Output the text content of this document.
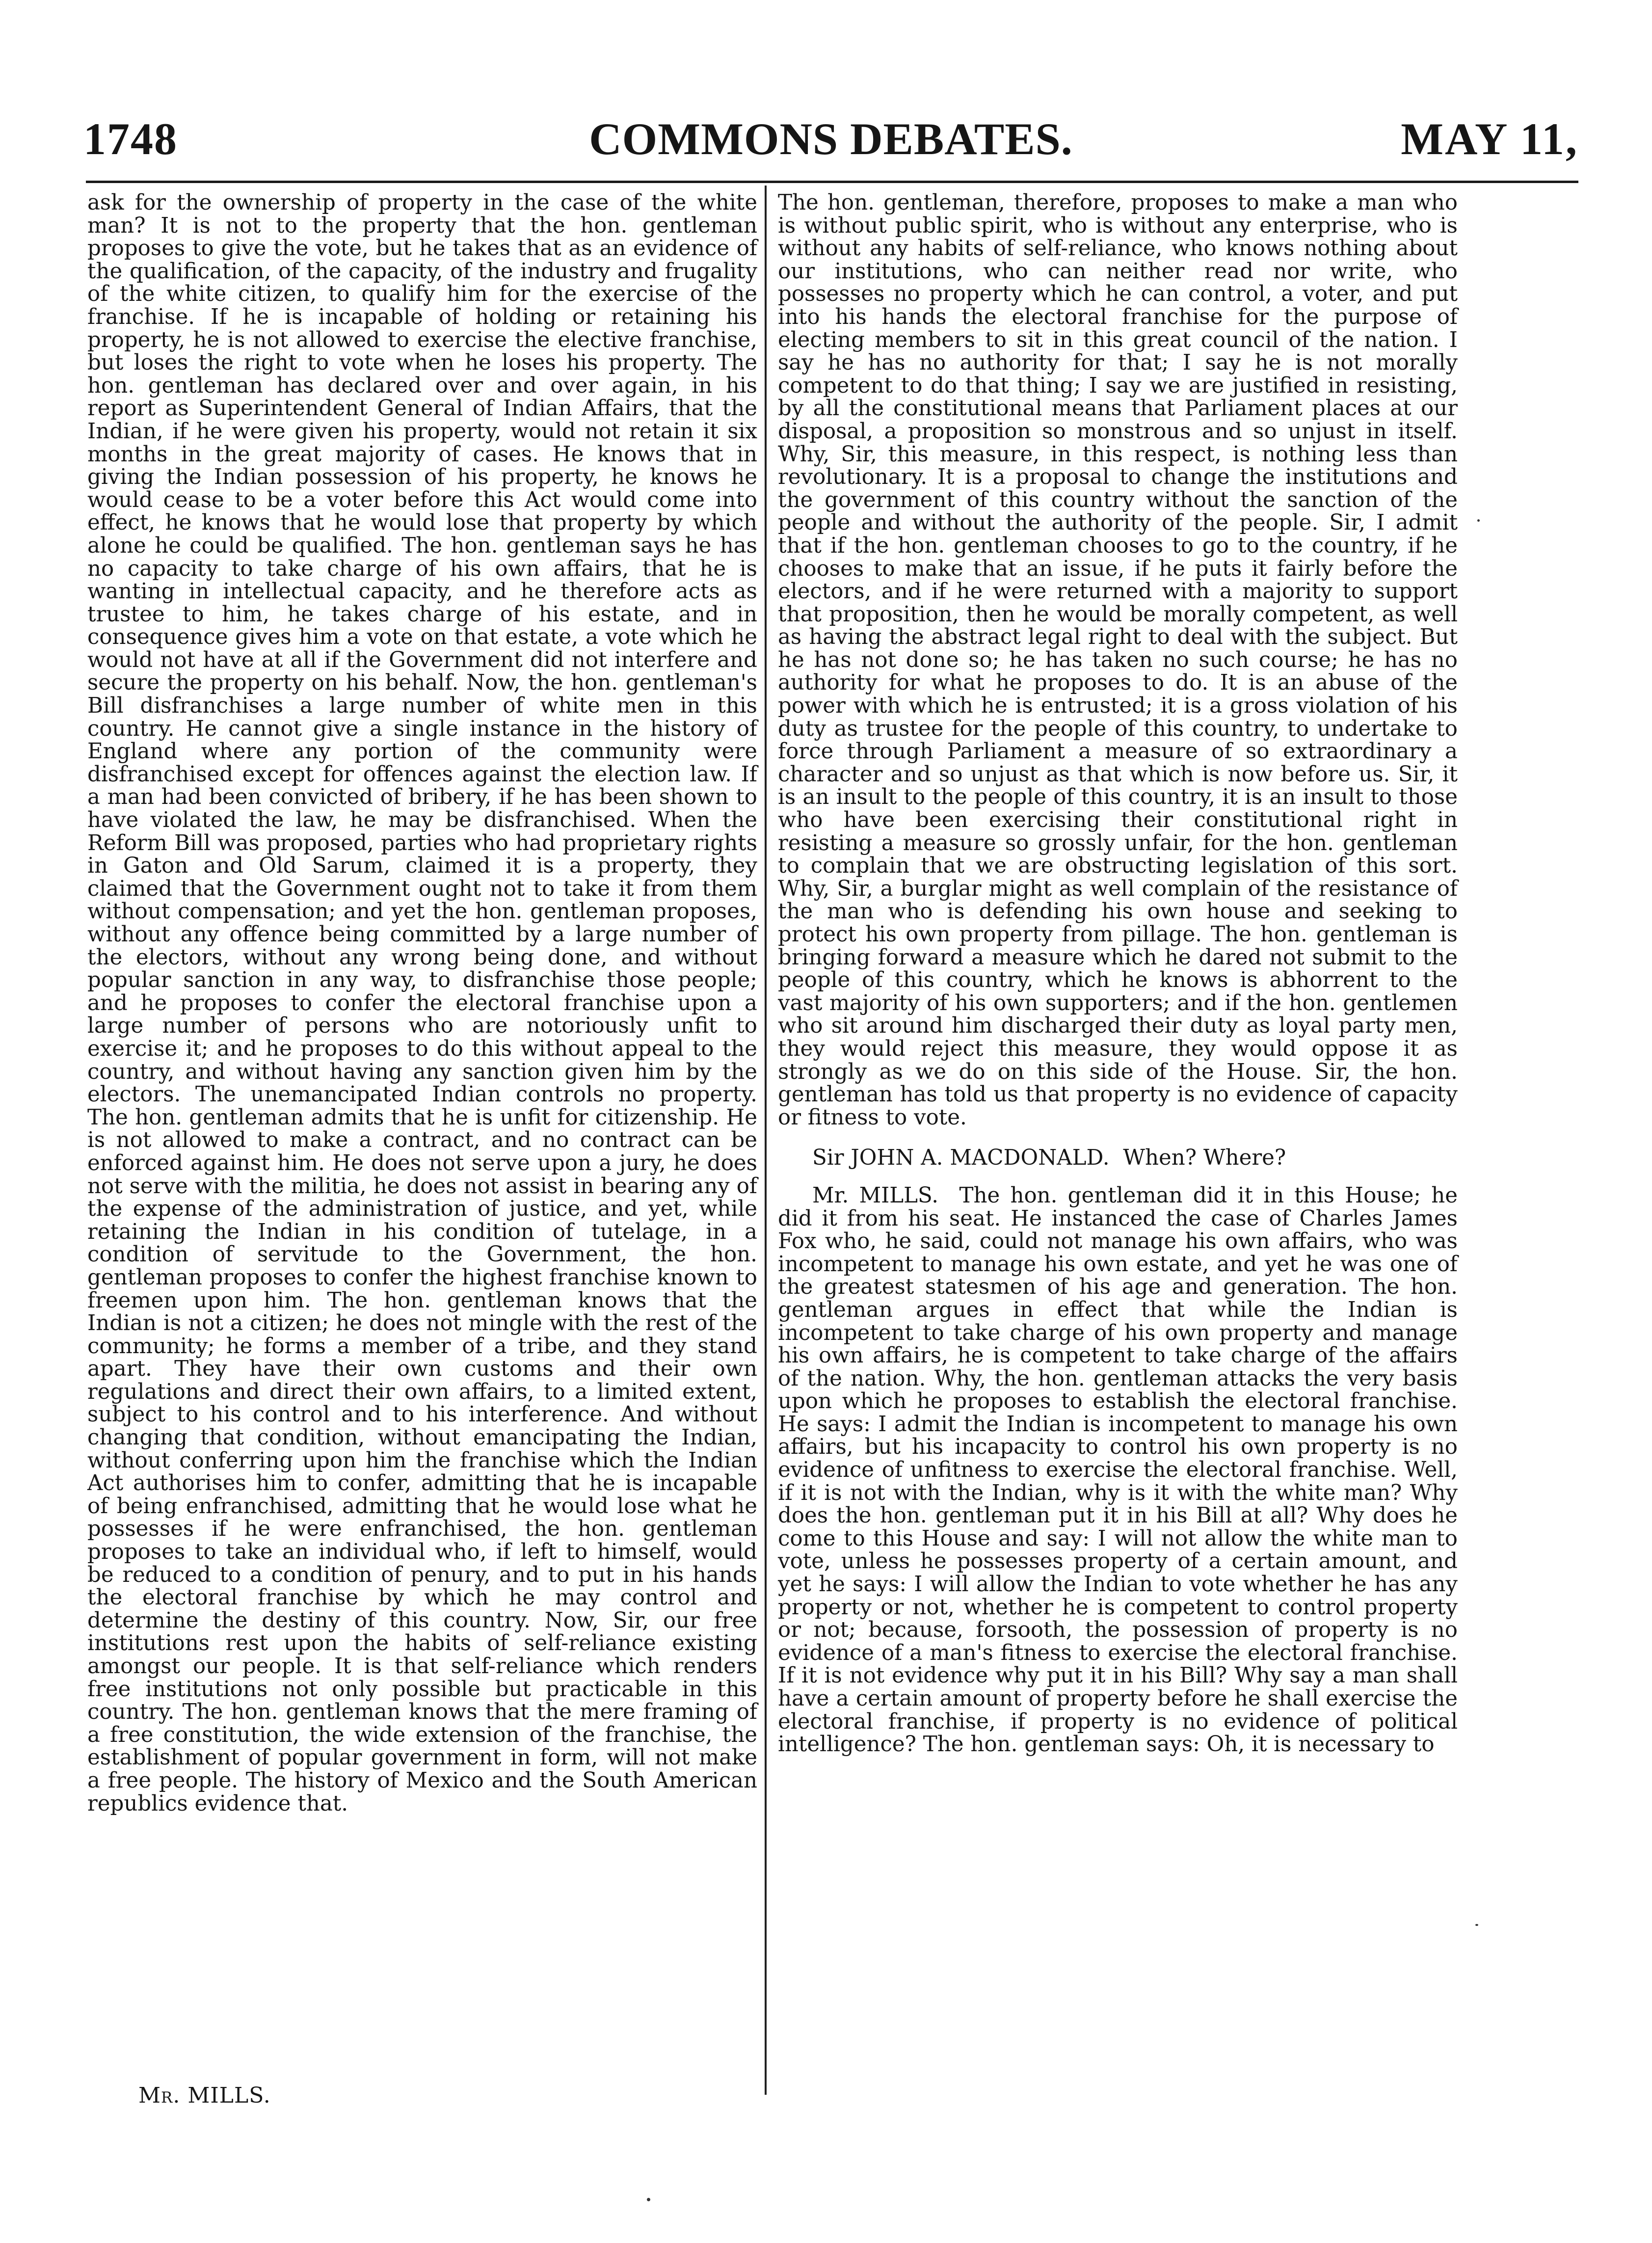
1748	COMMONS DEBATES.	MAY 11,

ask for the ownership of property in the case of the white man? It is not to the property that the hon. gentleman proposes to give the vote, but he takes that as an evidence of the qualification, of the capacity, of the industry and frugality of the white citizen, to qualify him for the exercise of the franchise. If he is incapable of holding or retaining his property, he is not allowed to exercise the elective franchise, but loses the right to vote when he loses his property. The hon. gentleman has declared over and over again, in his report as Superintendent General of Indian Affairs, that the Indian, if he were given his property, would not retain it six months in the great majority of cases. He knows that in giving the Indian possession of his property, he knows he would cease to be a voter before this Act would come into effect, he knows that he would lose that property by which alone he could be qualified. The hon. gentleman says he has no capacity to take charge of his own affairs, that he is wanting in intellectual capacity, and he therefore acts as trustee to him, he takes charge of his estate, and in consequence gives him a vote on that estate, a vote which he would not have at all if the Government did not interfere and secure the property on his behalf. Now, the hon. gentleman's Bill disfranchises a large number of white men in this country. He cannot give a single instance in the history of England where any portion of the community were disfranchised except for offences against the election law. If a man had been convicted of bribery, if he has been shown to have violated the law, he may be disfranchised. When the Reform Bill was proposed, parties who had proprietary rights in Gaton and Old Sarum, claimed it is a property, they claimed that the Government ought not to take it from them without compensation; and yet the hon. gentleman proposes, without any offence being committed by a large number of the electors, without any wrong being done, and without popular sanction in any way, to disfranchise those people; and he proposes to confer the electoral franchise upon a large number of persons who are notoriously unfit to exercise it; and he proposes to do this without appeal to the country, and without having any sanction given him by the electors. The unemancipated Indian controls no property. The hon. gentleman admits that he is unfit for citizenship. He is not allowed to make a contract, and no contract can be enforced against him. He does not serve upon a jury, he does not serve with the militia, he does not assist in bearing any of the expense of the administration of justice, and yet, while retaining the Indian in his condition of tutelage, in a condition of servitude to the Government, the hon. gentleman proposes to confer the highest franchise known to freemen upon him. The hon. gentleman knows that the Indian is not a citizen; he does not mingle with the rest of the community; he forms a member of a tribe, and they stand apart. They have their own customs and their own regulations and direct their own affairs, to a limited extent, subject to his control and to his interference. And without changing that condition, without emancipating the Indian, without conferring upon him the franchise which the Indian Act authorises him to confer, admitting that he is incapable of being enfranchised, admitting that he would lose what he possesses if he were enfranchised, the hon. gentleman proposes to take an individual who, if left to himself, would be reduced to a condition of penury, and to put in his hands the electoral franchise by which he may control and determine the destiny of this country. Now, Sir, our free institutions rest upon the habits of self-reliance existing amongst our people. It is that self-reliance which renders free institutions not only possible but practicable in this country. The hon. gentleman knows that the mere framing of a free constitution, the wide extension of the franchise, the establishment of popular government in form, will not make a free people. The history of Mexico and the South American republics evidence that.

The hon. gentleman, therefore, proposes to make a man who is without public spirit, who is without any enterprise, who is without any habits of self-reliance, who knows nothing about our institutions, who can neither read nor write, who possesses no property which he can control, a voter, and put into his hands the electoral franchise for the purpose of electing members to sit in this great council of the nation. I say he has no authority for that; I say he is not morally competent to do that thing; I say we are justified in resisting, by all the constitutional means that Parliament places at our disposal, a proposition so monstrous and so unjust in itself. Why, Sir, this measure, in this respect, is nothing less than revolutionary. It is a proposal to change the institutions and the government of this country without the sanction of the people and without the authority of the people. Sir, I admit that if the hon. gentleman chooses to go to the country, if he chooses to make that an issue, if he puts it fairly before the electors, and if he were returned with a majority to support that proposition, then he would be morally competent, as well as having the abstract legal right to deal with the subject. But he has not done so; he has taken no such course; he has no authority for what he proposes to do. It is an abuse of the power with which he is entrusted; it is a gross violation of his duty as trustee for the people of this country, to undertake to force through Parliament a measure of so extraordinary a character and so unjust as that which is now before us. Sir, it is an insult to the people of this country, it is an insult to those who have been exercising their constitutional right in resisting a measure so grossly unfair, for the hon. gentleman to complain that we are obstructing legislation of this sort. Why, Sir, a burglar might as well complain of the resistance of the man who is defending his own house and seeking to protect his own property from pillage. The hon. gentleman is bringing forward a measure which he dared not submit to the people of this country, which he knows is abhorrent to the vast majority of his own supporters; and if the hon. gentlemen who sit around him discharged their duty as loyal party men, they would reject this measure, they would oppose it as strongly as we do on this side of the House. Sir, the hon. gentleman has told us that property is no evidence of capacity or fitness to vote.

Sir JOHN A. MACDONALD. When? Where?

Mr. MILLS. The hon. gentleman did it in this House; he did it from his seat. He instanced the case of Charles James Fox who, he said, could not manage his own affairs, who was incompetent to manage his own estate, and yet he was one of the greatest statesmen of his age and generation. The hon. gentleman argues in effect that while the Indian is incompetent to take charge of his own property and manage his own affairs, he is competent to take charge of the affairs of the nation. Why, the hon. gentleman attacks the very basis upon which he proposes to establish the electoral franchise. He says: I admit the Indian is incompetent to manage his own affairs, but his incapacity to control his own property is no evidence of unfitness to exercise the electoral franchise. Well, if it is not with the Indian, why is it with the white man? Why does the hon. gentleman put it in his Bill at all? Why does he come to this House and say: I will not allow the white man to vote, unless he possesses property of a certain amount, and yet he says: I will allow the Indian to vote whether he has any property or not, whether he is competent to control property or not; because, forsooth, the possession of property is no evidence of a man's fitness to exercise the electoral franchise. If it is not evidence why put it in his Bill? Why say a man shall have a certain amount of property before he shall exercise the electoral franchise, if property is no evidence of political intelligence? The hon. gentleman says: Oh, it is necessary to

Mr. MILLS.
